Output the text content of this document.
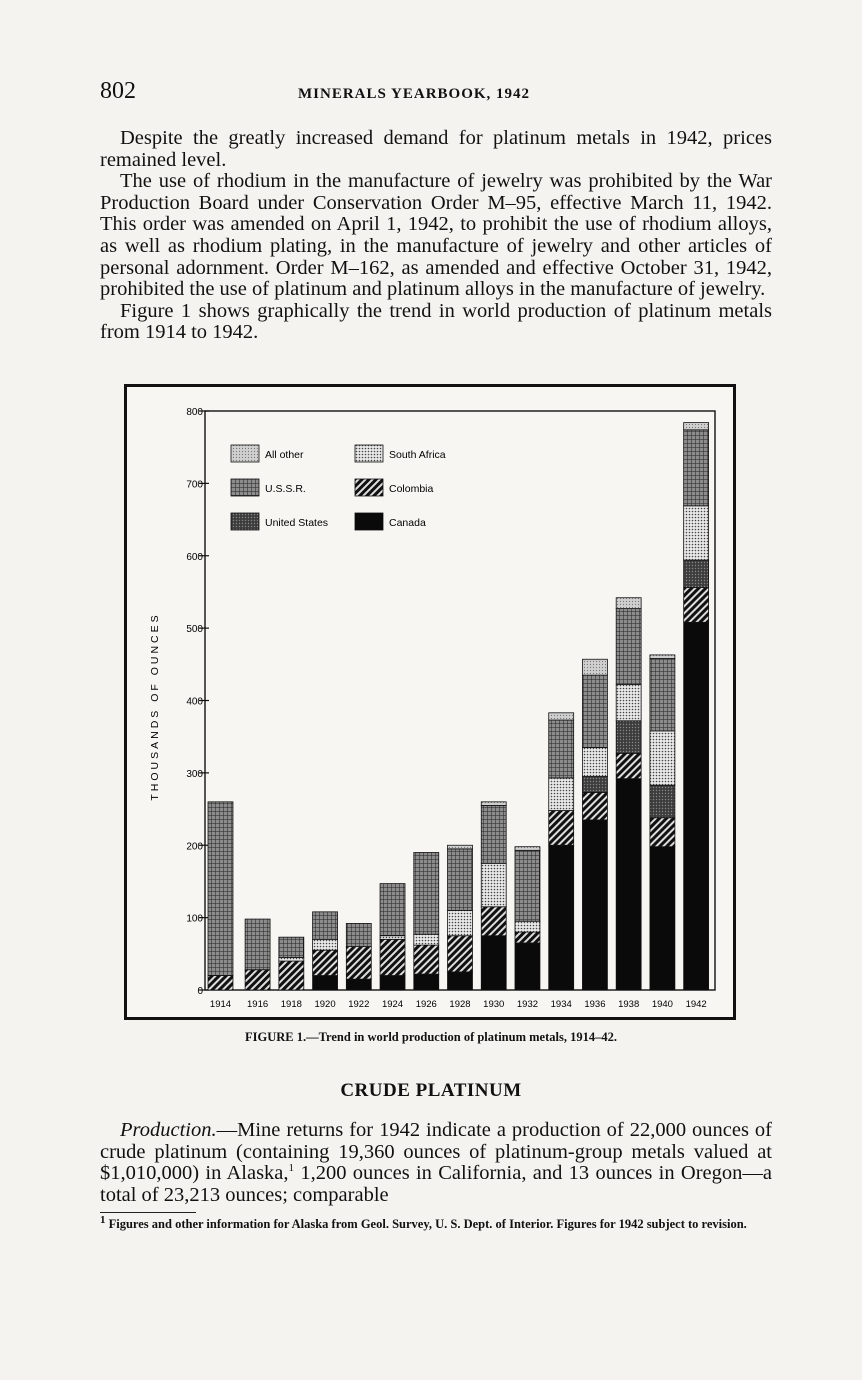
802	MINERALS YEARBOOK, 1942

Despite the greatly increased demand for platinum metals in 1942, prices remained level.

The use of rhodium in the manufacture of jewelry was prohibited by the War Production Board under Conservation Order M–95, effective March 11, 1942. This order was amended on April 1, 1942, to prohibit the use of rhodium alloys, as well as rhodium plating, in the manufacture of jewelry and other articles of personal adornment. Order M–162, as amended and effective October 31, 1942, prohibited the use of platinum and platinum alloys in the manufacture of jewelry.

Figure 1 shows graphically the trend in world production of platinum metals from 1914 to 1942.

0
100
200
300
400
500
600
700
800
THOUSANDS OF OUNCES
1914 1916 1918 1920 1922 1924 1926 1928 1930 1932 1934 1936 1938 1940 1942
All other	South Africa
U.S.S.R.	Colombia
United States	Canada
FIGURE 1.—Trend in world production of platinum metals, 1914–42.
CRUDE PLATINUM

Production.—Mine returns for 1942 indicate a production of 22,000 ounces of crude platinum (containing 19,360 ounces of platinum-group metals valued at $1,010,000) in Alaska,$^1$ 1,200 ounces in California, and 13 ounces in Oregon—a total of 23,213 ounces; comparable

$^1$ Figures and other information for Alaska from Geol. Survey, U. S. Dept. of Interior. Figures for 1942 subject to revision.
